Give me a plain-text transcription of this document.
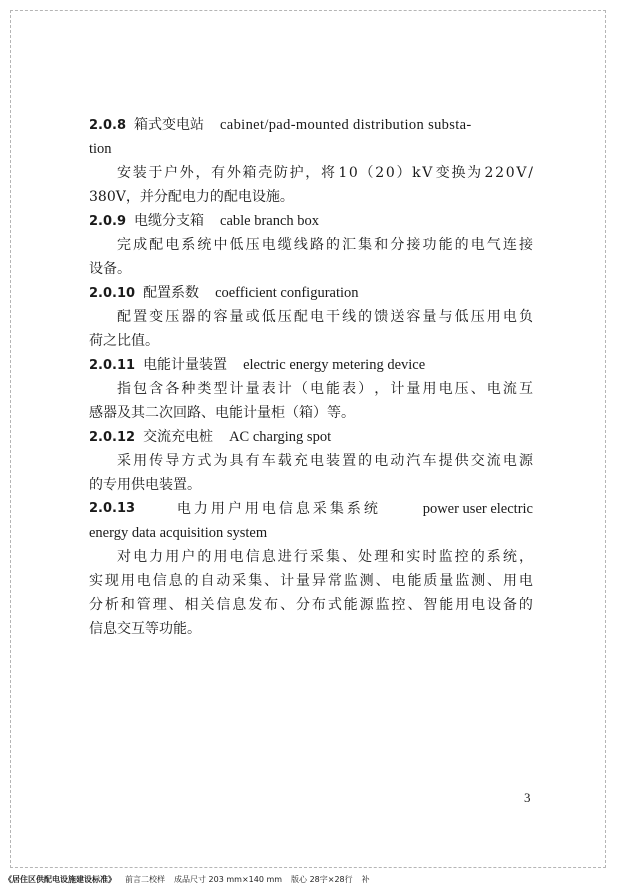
2.0.8 箱式变电站 cabinet/pad-mounted distribution substa-
tion
安 装 于 户 外 ， 有 外 箱 壳 防 护 ， 将 1 0 （ 2 0 ） k V 变 换 为 2 2 0 V /
380V，并分配电力的配电设施。
2.0.9 电缆分支箱 cable branch box
完 成 配 电 系 统 中 低 压 电 缆 线 路 的 汇 集 和 分 接 功 能 的 电 气 连 接
设备。
2.0.10 配置系数 coefficient configuration
配 置 变 压 器 的 容 量 或 低 压 配 电 干 线 的 馈 送 容 量 与 低 压 用 电 负
荷之比值。
2.0.11 电能计量装置 electric energy metering device
指 包 含 各 种 类 型 计 量 表 计 （ 电 能 表 ） ， 计 量 用 电 压 、 电 流 互
感器及其二次回路、电能计量柜（箱）等。
2.0.12 交流充电桩 AC charging spot
采 用 传 导 方 式 为 具 有 车 载 充 电 装 置 的 电 动 汽 车 提 供 交 流 电 源
的专用供电装置。
2.0.13	电力用户用电信息采集系统	power user electric
energy data acquisition system
对 电 力 用 户 的 用 电 信 息 进 行 采 集 、 处 理 和 实 时 监 控 的 系 统 ，
实 现 用 电 信 息 的 自 动 采 集 、 计 量 异 常 监 测 、 电 能 质 量 监 测 、 用 电
分 析 和 管 理 、 相 关 信 息 发 布 、 分 布 式 能 源 监 控 、 智 能 用 电 设 备 的
信息交互等功能。
3
《居住区供配电设施建设标准》 前言二校样 成品尺寸 203 mm×140 mm 版心 28字×28行 补
